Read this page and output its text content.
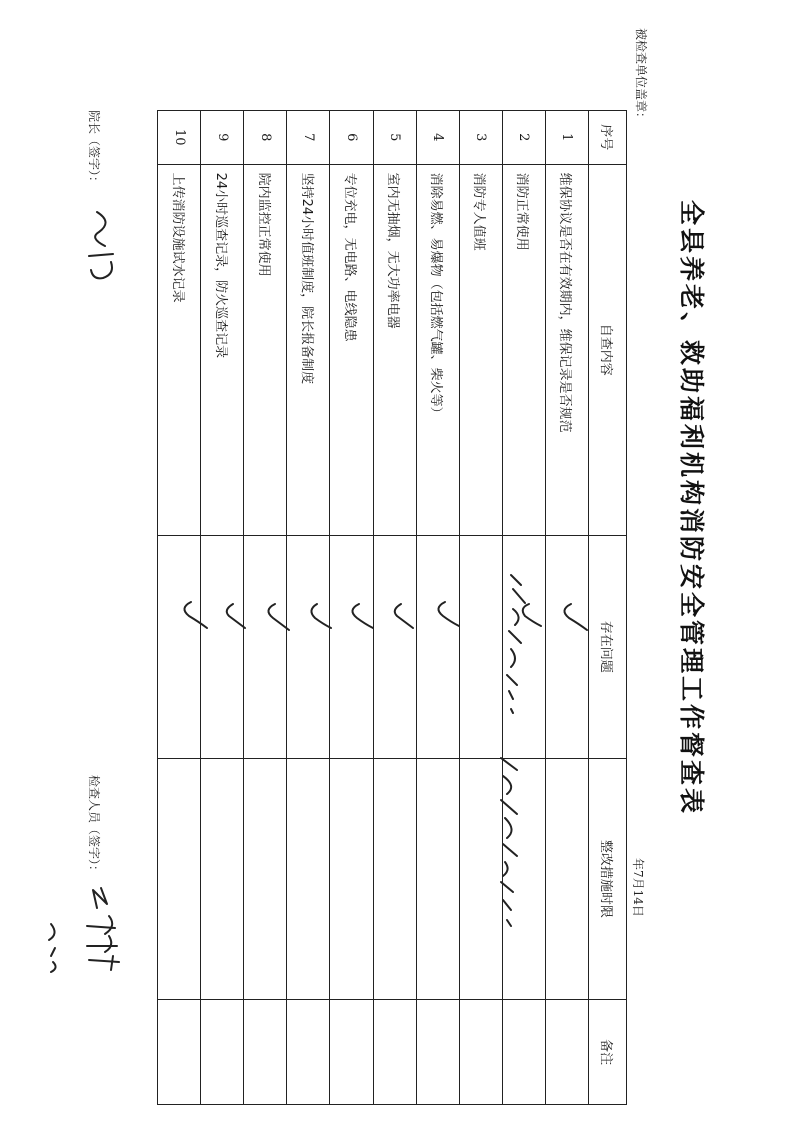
全县养老、救助福利机构消防安全管理工作督查表
被检查单位盖章：
年7月14日
序号	自查内容	存在问题	整改措施时限	备注
1	维保协议是否在有效期内，维保记录是否规范			
2	消防正常使用			
3	消防专人值班			
4	消除易燃、易爆物（包括燃气罐、柴火等）			
5	室内无抽烟，无大功率电器			
6	专位充电，无电路、电线隐患			
7	坚持24小时值班制度，院长报备制度			
8	院内监控正常使用			
9	24小时巡查记录，防火巡查记录			
10	上传消防设施试水记录			
院长（签字）：
检查人员（签字）：
